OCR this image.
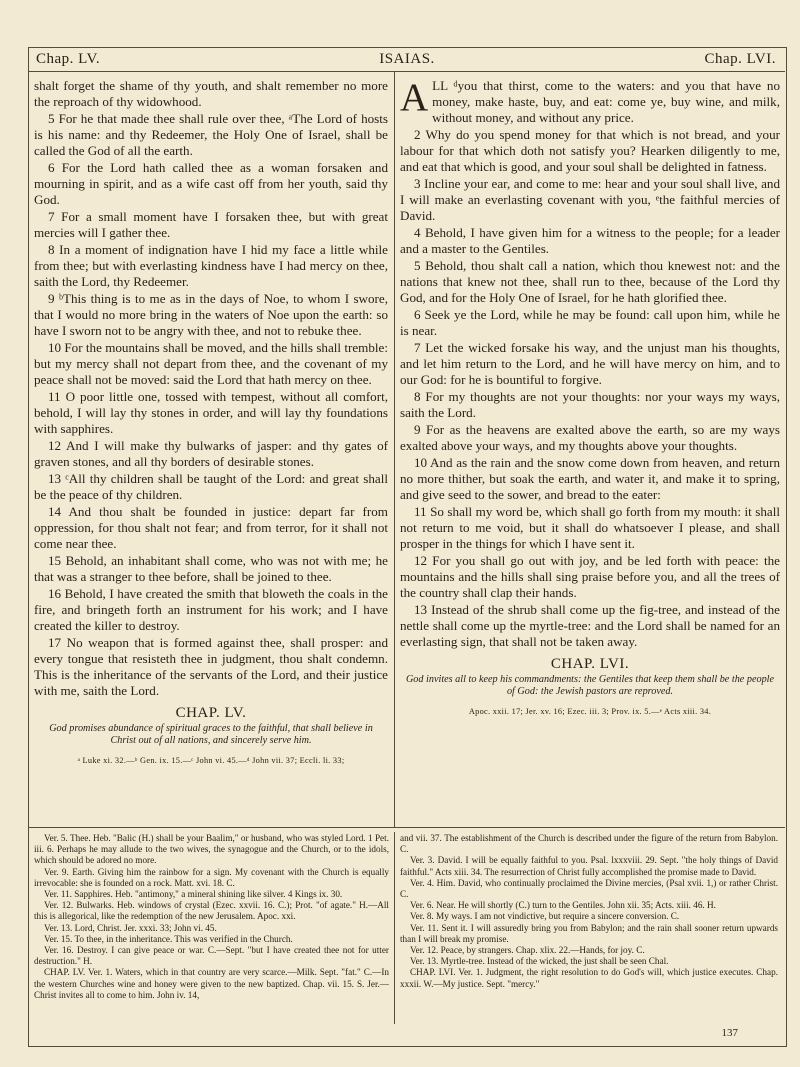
Chap. LV.	ISAIAS.	Chap. LVI.

shalt forget the shame of thy youth, and shalt remember no more the reproach of thy widowhood.

5 For he that made thee shall rule over thee, ᵃThe Lord of hosts is his name: and thy Redeemer, the Holy One of Israel, shall be called the God of all the earth.

6 For the Lord hath called thee as a woman forsaken and mourning in spirit, and as a wife cast off from her youth, said thy God.

7 For a small moment have I forsaken thee, but with great mercies will I gather thee.

8 In a moment of indignation have I hid my face a little while from thee; but with everlasting kindness have I had mercy on thee, saith the Lord, thy Redeemer.

9 ᵇThis thing is to me as in the days of Noe, to whom I swore, that I would no more bring in the waters of Noe upon the earth: so have I sworn not to be angry with thee, and not to rebuke thee.

10 For the mountains shall be moved, and the hills shall tremble: but my mercy shall not depart from thee, and the covenant of my peace shall not be moved: said the Lord that hath mercy on thee.

11 O poor little one, tossed with tempest, without all comfort, behold, I will lay thy stones in order, and will lay thy foundations with sapphires.

12 And I will make thy bulwarks of jasper: and thy gates of graven stones, and all thy borders of desirable stones.

13 ᶜAll thy children shall be taught of the Lord: and great shall be the peace of thy children.

14 And thou shalt be founded in justice: depart far from oppression, for thou shalt not fear; and from terror, for it shall not come near thee.

15 Behold, an inhabitant shall come, who was not with me; he that was a stranger to thee before, shall be joined to thee.

16 Behold, I have created the smith that bloweth the coals in the fire, and bringeth forth an instrument for his work; and I have created the killer to destroy.

17 No weapon that is formed against thee, shall prosper: and every tongue that resisteth thee in judgment, thou shalt condemn. This is the inheritance of the servants of the Lord, and their justice with me, saith the Lord.

CHAP. LV.
God promises abundance of spiritual graces to the faithful, that shall believe in Christ out of all nations, and sincerely serve him.
ᵃ Luke xi. 32.—ᵇ Gen. ix. 15.—ᶜ John vi. 45.—ᵈ John vii. 37; Eccli. li. 33;

ALL ᵈyou that thirst, come to the waters: and you that have no money, make haste, buy, and eat: come ye, buy wine, and milk, without money, and without any price.

2 Why do you spend money for that which is not bread, and your labour for that which doth not satisfy you? Hearken diligently to me, and eat that which is good, and your soul shall be delighted in fatness.

3 Incline your ear, and come to me: hear and your soul shall live, and I will make an everlasting covenant with you, ᵉthe faithful mercies of David.

4 Behold, I have given him for a witness to the people; for a leader and a master to the Gentiles.

5 Behold, thou shalt call a nation, which thou knewest not: and the nations that knew not thee, shall run to thee, because of the Lord thy God, and for the Holy One of Israel, for he hath glorified thee.

6 Seek ye the Lord, while he may be found: call upon him, while he is near.

7 Let the wicked forsake his way, and the unjust man his thoughts, and let him return to the Lord, and he will have mercy on him, and to our God: for he is bountiful to forgive.

8 For my thoughts are not your thoughts: nor your ways my ways, saith the Lord.

9 For as the heavens are exalted above the earth, so are my ways exalted above your ways, and my thoughts above your thoughts.

10 And as the rain and the snow come down from heaven, and return no more thither, but soak the earth, and water it, and make it to spring, and give seed to the sower, and bread to the eater:

11 So shall my word be, which shall go forth from my mouth: it shall not return to me void, but it shall do whatsoever I please, and shall prosper in the things for which I have sent it.

12 For you shall go out with joy, and be led forth with peace: the mountains and the hills shall sing praise before you, and all the trees of the country shall clap their hands.

13 Instead of the shrub shall come up the fig-tree, and instead of the nettle shall come up the myrtle-tree: and the Lord shall be named for an everlasting sign, that shall not be taken away.

CHAP. LVI.
God invites all to keep his commandments: the Gentiles that keep them shall be the people of God: the Jewish pastors are reproved.
Apoc. xxii. 17; Jer. xv. 16; Ezec. iii. 3; Prov. ix. 5.—ᵉ Acts xiii. 34.

Ver. 5. Thee. Heb. "Balic (H.) shall be your Baalim," or husband, who was styled Lord. 1 Pet. iii. 6. Perhaps he may allude to the two wives, the synagogue and the Church, or to the idols, which should be adored no more.

Ver. 9. Earth. Giving him the rainbow for a sign. My covenant with the Church is equally irrevocable: she is founded on a rock. Matt. xvi. 18. C.

Ver. 11. Sapphires. Heb. "antimony," a mineral shining like silver. 4 Kings ix. 30.

Ver. 12. Bulwarks. Heb. windows of crystal (Ezec. xxvii. 16. C.); Prot. "of agate." H.—All this is allegorical, like the redemption of the new Jerusalem. Apoc. xxi.

Ver. 13. Lord, Christ. Jer. xxxi. 33; John vi. 45.

Ver. 15. To thee, in the inheritance. This was verified in the Church.

Ver. 16. Destroy. I can give peace or war. C.—Sept. "but I have created thee not for utter destruction." H.

CHAP. LV. Ver. 1. Waters, which in that country are very scarce.—Milk. Sept. "fat." C.—In the western Churches wine and honey were given to the new baptized. Chap. vii. 15. S. Jer.—Christ invites all to come to him. John iv. 14,

and vii. 37. The establishment of the Church is described under the figure of the return from Babylon. C.

Ver. 3. David. I will be equally faithful to you. Psal. lxxxviii. 29. Sept. "the holy things of David faithful." Acts xiii. 34. The resurrection of Christ fully accomplished the promise made to David.

Ver. 4. Him. David, who continually proclaimed the Divine mercies, (Psal xvii. 1,) or rather Christ. C.

Ver. 6. Near. He will shortly (C.) turn to the Gentiles. John xii. 35; Acts. xiii. 46. H.

Ver. 8. My ways. I am not vindictive, but require a sincere conversion. C.

Ver. 11. Sent it. I will assuredly bring you from Babylon; and the rain shall sooner return upwards than I will break my promise.

Ver. 12. Peace, by strangers. Chap. xlix. 22.—Hands, for joy. C.

Ver. 13. Myrtle-tree. Instead of the wicked, the just shall be seen Chal.

CHAP. LVI. Ver. 1. Judgment, the right resolution to do God's will, which justice executes. Chap. xxxii. W.—My justice. Sept. "mercy."

137
